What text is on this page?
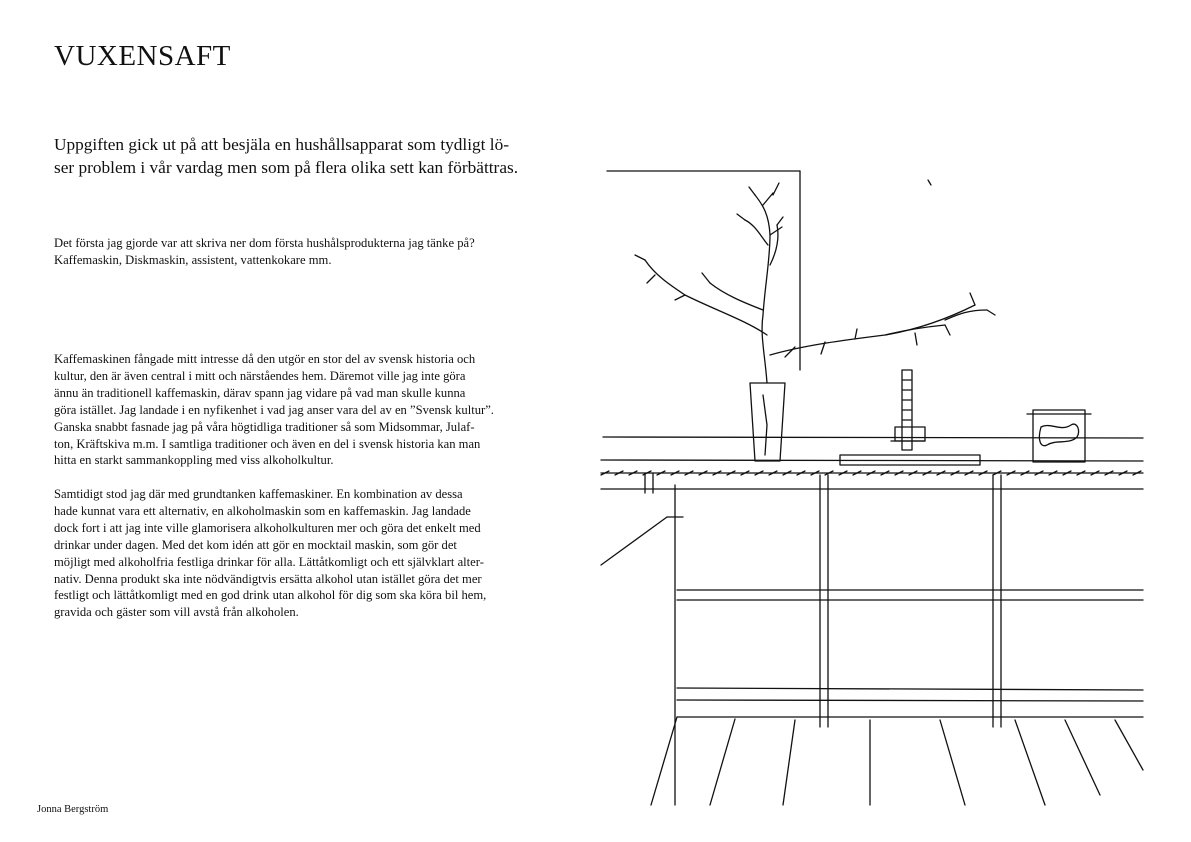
VUXENSAFT

Uppgiften gick ut på att besjäla en hushållsapparat som tydligt lö-
ser problem i vår vardag men som på flera olika sett kan förbättras.

Det första jag gjorde var att skriva ner dom första hushålsprodukterna jag tänke på?
Kaffemaskin, Diskmaskin, assistent, vattenkokare mm.

Kaffemaskinen fångade mitt intresse då den utgör en stor del av svensk historia och
kultur, den är även central i mitt och närståendes hem. Däremot ville jag inte göra
ännu än traditionell kaffemaskin, därav spann jag vidare på vad man skulle kunna
göra istället. Jag landade i en nyfikenhet i vad jag anser vara del av en ”Svensk kultur”.
Ganska snabbt fasnade jag på våra högtidliga traditioner så som Midsommar, Julaf-
ton, Kräftskiva m.m. I samtliga traditioner och även en del i svensk historia kan man
hitta en starkt sammankoppling med viss alkoholkultur.

Samtidigt stod jag där med grundtanken kaffemaskiner. En kombination av dessa
hade kunnat vara ett alternativ, en alkoholmaskin som en kaffemaskin. Jag landade
dock fort i att jag inte ville glamorisera alkoholkulturen mer och göra det enkelt med
drinkar under dagen. Med det kom idén att gör en mocktail maskin, som gör det
möjligt med alkoholfria festliga drinkar för alla. Lättåtkomligt och ett självklart alter-
nativ. Denna produkt ska inte nödvändigtvis ersätta alkohol utan istället göra det mer
festligt och lättåtkomligt med en god drink utan alkohol för dig som ska köra bil hem,
gravida och gäster som vill avstå från alkoholen.

Jonna Bergström
